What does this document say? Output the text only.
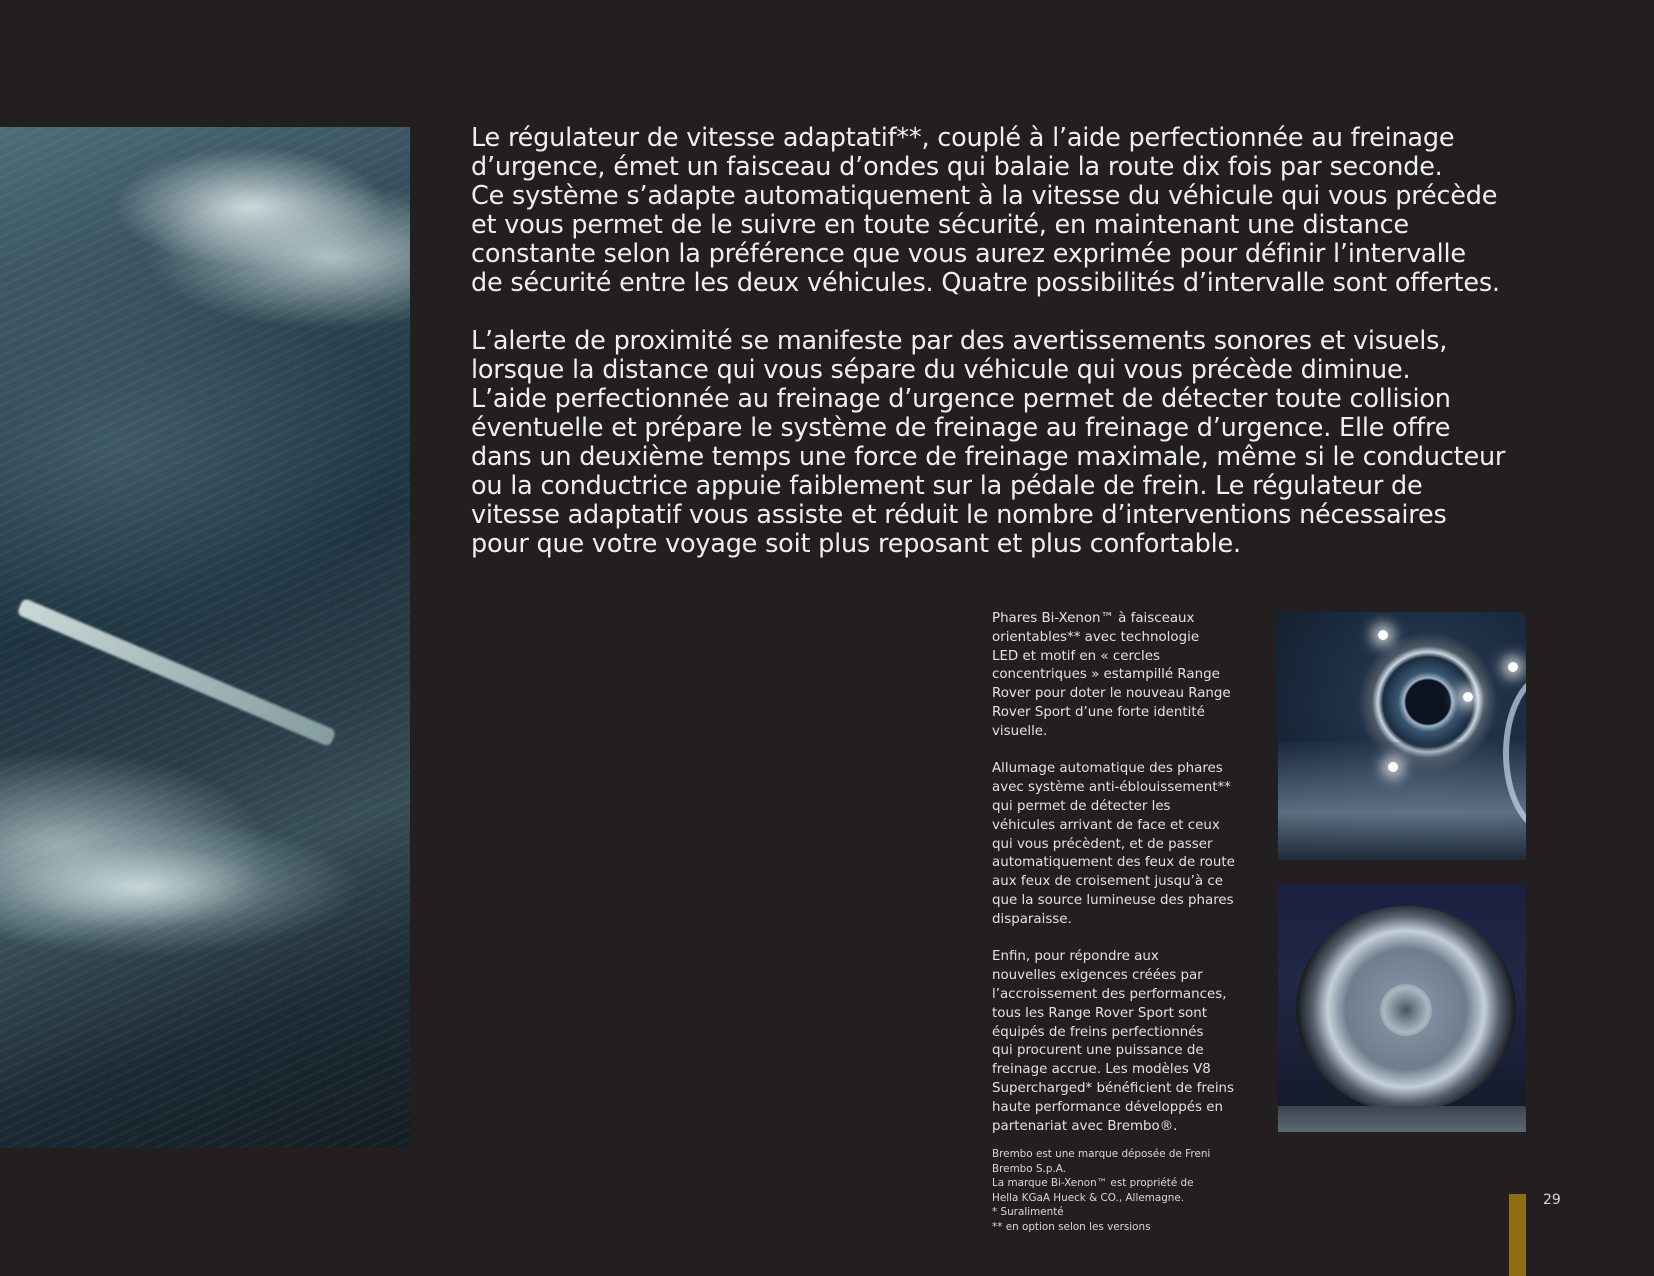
Le régulateur de vitesse adaptatif**, couplé à l’aide perfectionnée au freinage
d’urgence, émet un faisceau d’ondes qui balaie la route dix fois par seconde.
Ce système s’adapte automatiquement à la vitesse du véhicule qui vous précède
et vous permet de le suivre en toute sécurité, en maintenant une distance
constante selon la préférence que vous aurez exprimée pour définir l’intervalle
de sécurité entre les deux véhicules. Quatre possibilités d’intervalle sont offertes.

L’alerte de proximité se manifeste par des avertissements sonores et visuels,
lorsque la distance qui vous sépare du véhicule qui vous précède diminue.
L’aide perfectionnée au freinage d’urgence permet de détecter toute collision
éventuelle et prépare le système de freinage au freinage d’urgence. Elle offre
dans un deuxième temps une force de freinage maximale, même si le conducteur
ou la conductrice appuie faiblement sur la pédale de frein. Le régulateur de
vitesse adaptatif vous assiste et réduit le nombre d’interventions nécessaires
pour que votre voyage soit plus reposant et plus confortable.

Phares Bi-Xenon™ à faisceaux
orientables** avec technologie
LED et motif en « cercles
concentriques » estampillé Range
Rover pour doter le nouveau Range
Rover Sport d’une forte identité
visuelle.

Allumage automatique des phares
avec système anti-éblouissement**
qui permet de détecter les
véhicules arrivant de face et ceux
qui vous précèdent, et de passer
automatiquement des feux de route
aux feux de croisement jusqu’à ce
que la source lumineuse des phares
disparaisse.

Enfin, pour répondre aux
nouvelles exigences créées par
l’accroissement des performances,
tous les Range Rover Sport sont
équipés de freins perfectionnés
qui procurent une puissance de
freinage accrue. Les modèles V8
Supercharged* bénéficient de freins
haute performance développés en
partenariat avec Brembo®.

Brembo est une marque déposée de Freni
Brembo S.p.A.
La marque Bi-Xenon™ est propriété de
Hella KGaA Hueck & CO., Allemagne.
* Suralimenté
** en option selon les versions
29
